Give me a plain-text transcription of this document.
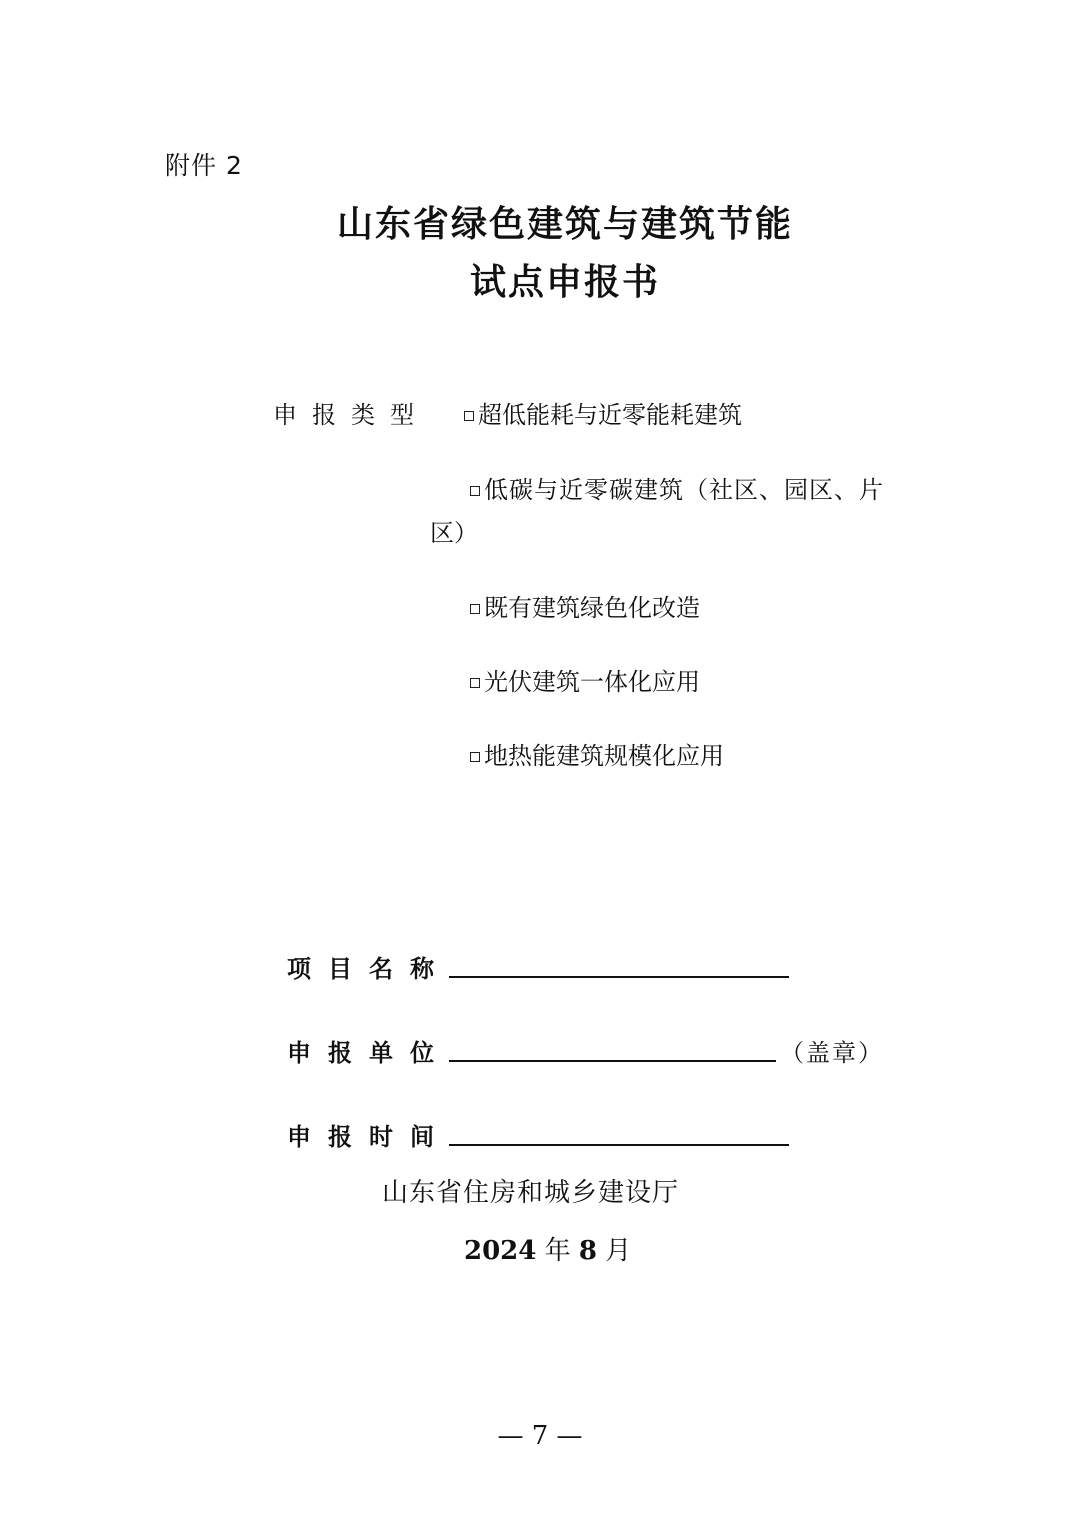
附件 2
山东省绿色建筑与建筑节能
试点申报书
申报类型 超低能耗与近零能耗建筑
低碳与近零碳建筑（社区、园区、片
区）
既有建筑绿色化改造
光伏建筑一体化应用
地热能建筑规模化应用
项目名称
申报单位	（盖章）
申报时间
山东省住房和城乡建设厅
2024 年 8 月
— 7 —
